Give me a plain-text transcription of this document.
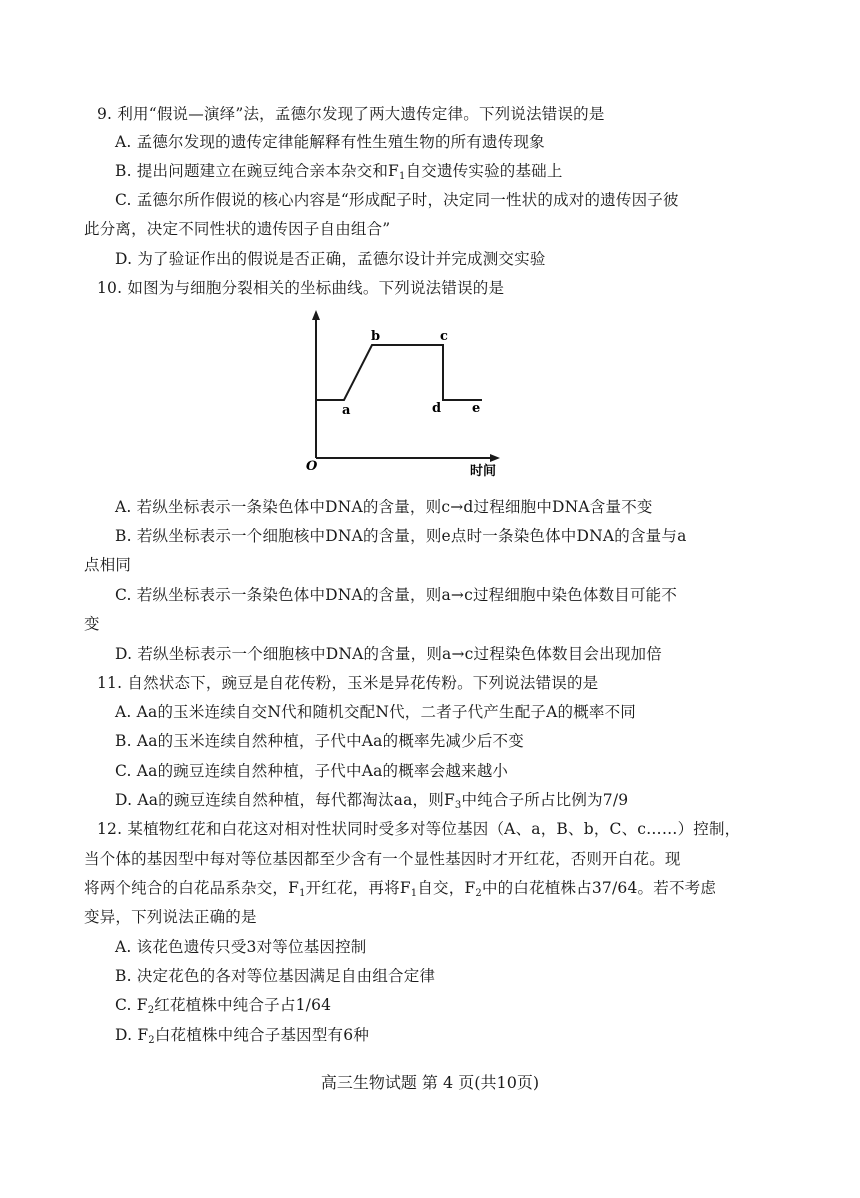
9. 利用“假说—演绎”法，孟德尔发现了两大遗传定律。下列说法错误的是
A. 孟德尔发现的遗传定律能解释有性生殖生物的所有遗传现象
B. 提出问题建立在豌豆纯合亲本杂交和$F_1$自交遗传实验的基础上
C. 孟德尔所作假说的核心内容是“形成配子时，决定同一性状的成对的遗传因子彼
此分离，决定不同性状的遗传因子自由组合”
D. 为了验证作出的假说是否正确，孟德尔设计并完成测交实验
10. 如图为与细胞分裂相关的坐标曲线。下列说法错误的是
a
b	c
d e
O	时间
A. 若纵坐标表示一条染色体中DNA的含量，则c→d过程细胞中DNA含量不变
B. 若纵坐标表示一个细胞核中DNA的含量，则e点时一条染色体中DNA的含量与a
点相同
C. 若纵坐标表示一条染色体中DNA的含量，则a→c过程细胞中染色体数目可能不
变
D. 若纵坐标表示一个细胞核中DNA的含量，则a→c过程染色体数目会出现加倍
11. 自然状态下，豌豆是自花传粉，玉米是异花传粉。下列说法错误的是
A. Aa的玉米连续自交N代和随机交配N代，二者子代产生配子A的概率不同
B. Aa的玉米连续自然种植，子代中Aa的概率先减少后不变
C. Aa的豌豆连续自然种植，子代中Aa的概率会越来越小
D. Aa的豌豆连续自然种植，每代都淘汰aa，则$F_3$中纯合子所占比例为7/9
12. 某植物红花和白花这对相对性状同时受多对等位基因（A、a，B、b，C、c……）控制，
当个体的基因型中每对等位基因都至少含有一个显性基因时才开红花，否则开白花。现
将两个纯合的白花品系杂交，$F_1$开红花，再将$F_1$自交，$F_2$中的白花植株占37/64。若不考虑
变异，下列说法正确的是
A. 该花色遗传只受3对等位基因控制
B. 决定花色的各对等位基因满足自由组合定律
C. $F_2$红花植株中纯合子占1/64
D. $F_2$白花植株中纯合子基因型有6种
高三生物试题 第 4 页(共10页)
